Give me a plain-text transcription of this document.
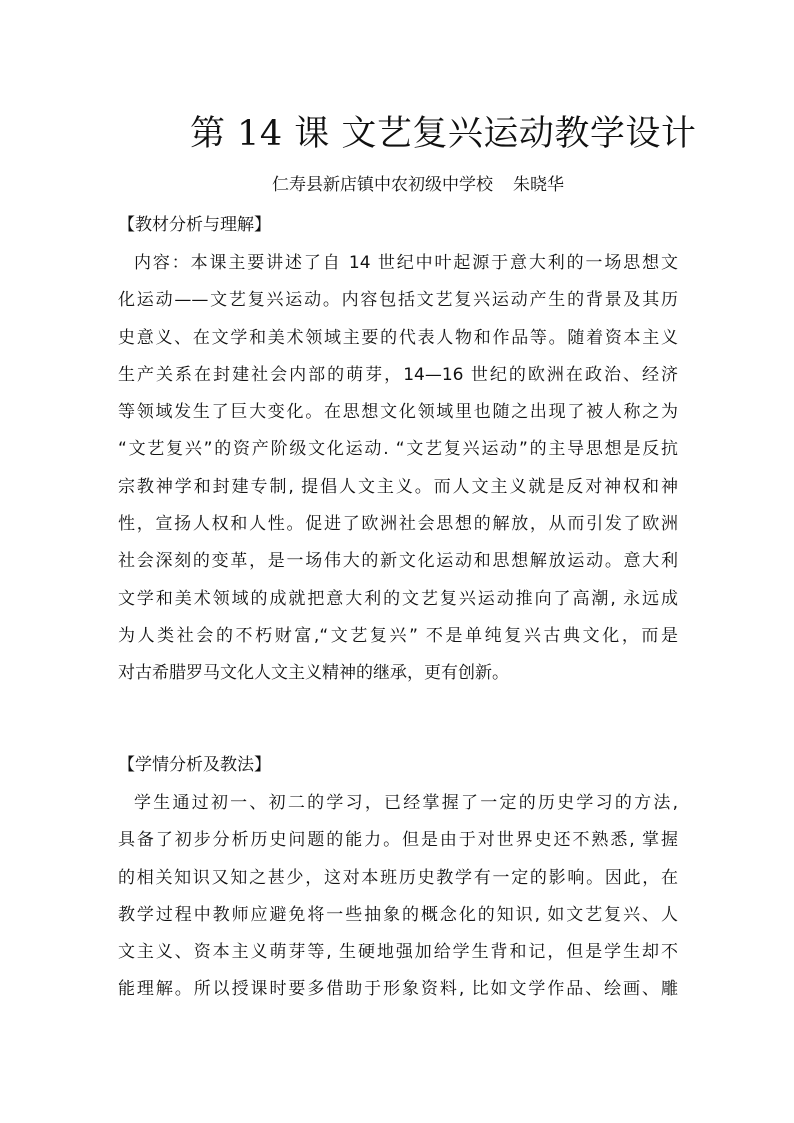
第 14 课 文艺复兴运动教学设计
仁寿县新店镇中农初级中学校 朱晓华
【教材分析与理解】
内容：本课主要讲述了自 14 世纪中叶起源于意大利的一场思想文
化运动——文艺复兴运动。内容包括文艺复兴运动产生的背景及其历
史意义、在文学和美术领域主要的代表人物和作品等。随着资本主义
生产关系在封建社会内部的萌芽，14—16 世纪的欧洲在政治、经济
等领域发生了巨大变化。在思想文化领域里也随之出现了被人称之为
“文艺复兴”的资产阶级文化运动. “文艺复兴运动”的主导思想是反抗
宗教神学和封建专制, 提倡人文主义。而人文主义就是反对神权和神
性，宣扬人权和人性。促进了欧洲社会思想的解放，从而引发了欧洲
社会深刻的变革，是一场伟大的新文化运动和思想解放运动。意大利
文学和美术领域的成就把意大利的文艺复兴运动推向了高潮, 永远成
为人类社会的不朽财富,“文艺复兴” 不是单纯复兴古典文化，而是
对古希腊罗马文化人文主义精神的继承，更有创新。
【学情分析及教法】
学生通过初一、初二的学习，已经掌握了一定的历史学习的方法,
具备了初步分析历史问题的能力。但是由于对世界史还不熟悉, 掌握
的相关知识又知之甚少，这对本班历史教学有一定的影响。因此，在
教学过程中教师应避免将一些抽象的概念化的知识, 如文艺复兴、人
文主义、资本主义萌芽等, 生硬地强加给学生背和记，但是学生却不
能理解。所以授课时要多借助于形象资料, 比如文学作品、绘画、雕
